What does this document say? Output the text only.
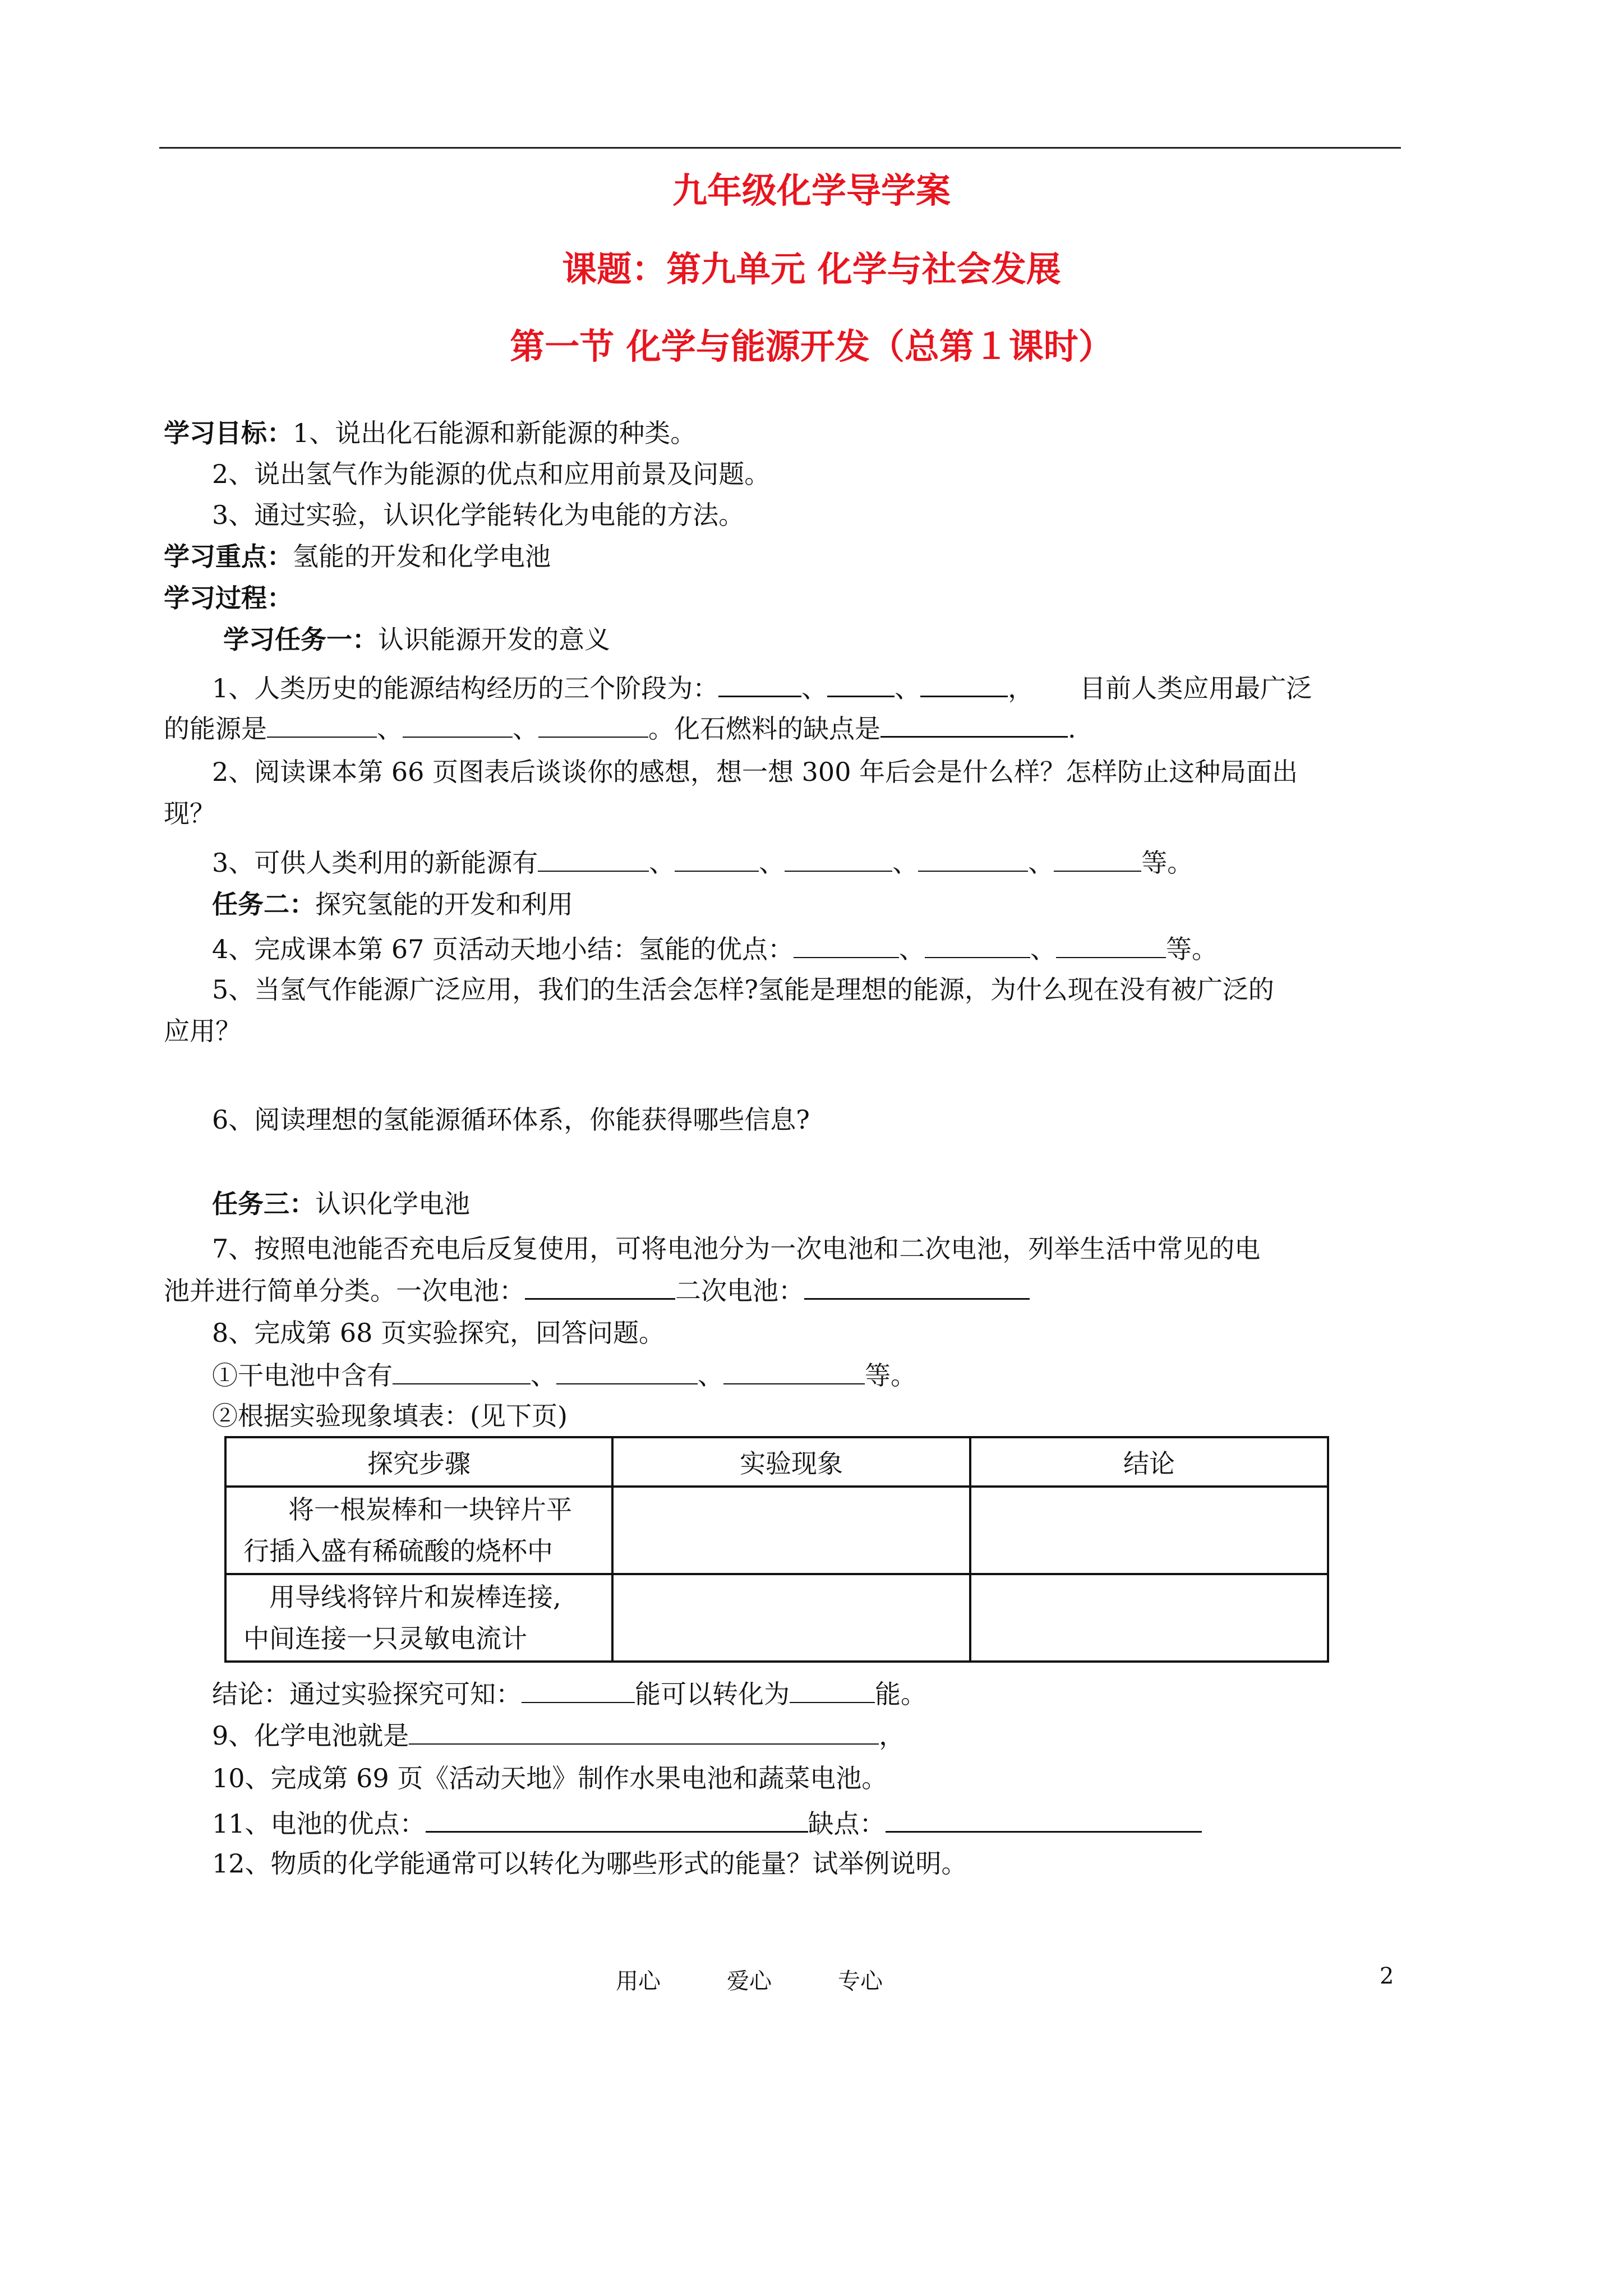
九年级化学导学案
课题：第九单元 化学与社会发展
第一节 化学与能源开发（总第１课时）
学习目标：1、说出化石能源和新能源的种类。
2、说出氢气作为能源的优点和应用前景及问题。
3、通过实验，认识化学能转化为电能的方法。
学习重点：氢能的开发和化学电池
学习过程：
学习任务一：认识能源开发的意义
1、人类历史的能源结构经历的三个阶段为：	、	、	， 目前人类应用最广泛
的能源是	、	、	。化石燃料的缺点是	.
2、阅读课本第 66 页图表后谈谈你的感想，想一想 300 年后会是什么样？怎样防止这种局面出
现？
3、可供人类利用的新能源有	、	、	、	、	等。
任务二：探究氢能的开发和利用
4、完成课本第 67 页活动天地小结：氢能的优点：	、	、	等。
5、当氢气作能源广泛应用，我们的生活会怎样?氢能是理想的能源，为什么现在没有被广泛的
应用？
6、阅读理想的氢能源循环体系，你能获得哪些信息?
任务三：认识化学电池
7、按照电池能否充电后反复使用，可将电池分为一次电池和二次电池，列举生活中常见的电
池并进行简单分类。一次电池：	二次电池：
8、完成第 68 页实验探究，回答问题。
①干电池中含有	、	、	等。
②根据实验现象填表：(见下页)
探究步骤	实验现象	结论

将一根炭棒和一块锌片平
行插入盛有稀硫酸的烧杯中		

用导线将锌片和炭棒连接,
中间连接一只灵敏电流计		

结论：通过实验探究可知：	能可以转化为	能。
9、化学电池就是	，
10、完成第 69 页《活动天地》制作水果电池和蔬菜电池。
11、电池的优点：	缺点：
12、物质的化学能通常可以转化为哪些形式的能量？试举例说明。
用心	爱心	专心	2
